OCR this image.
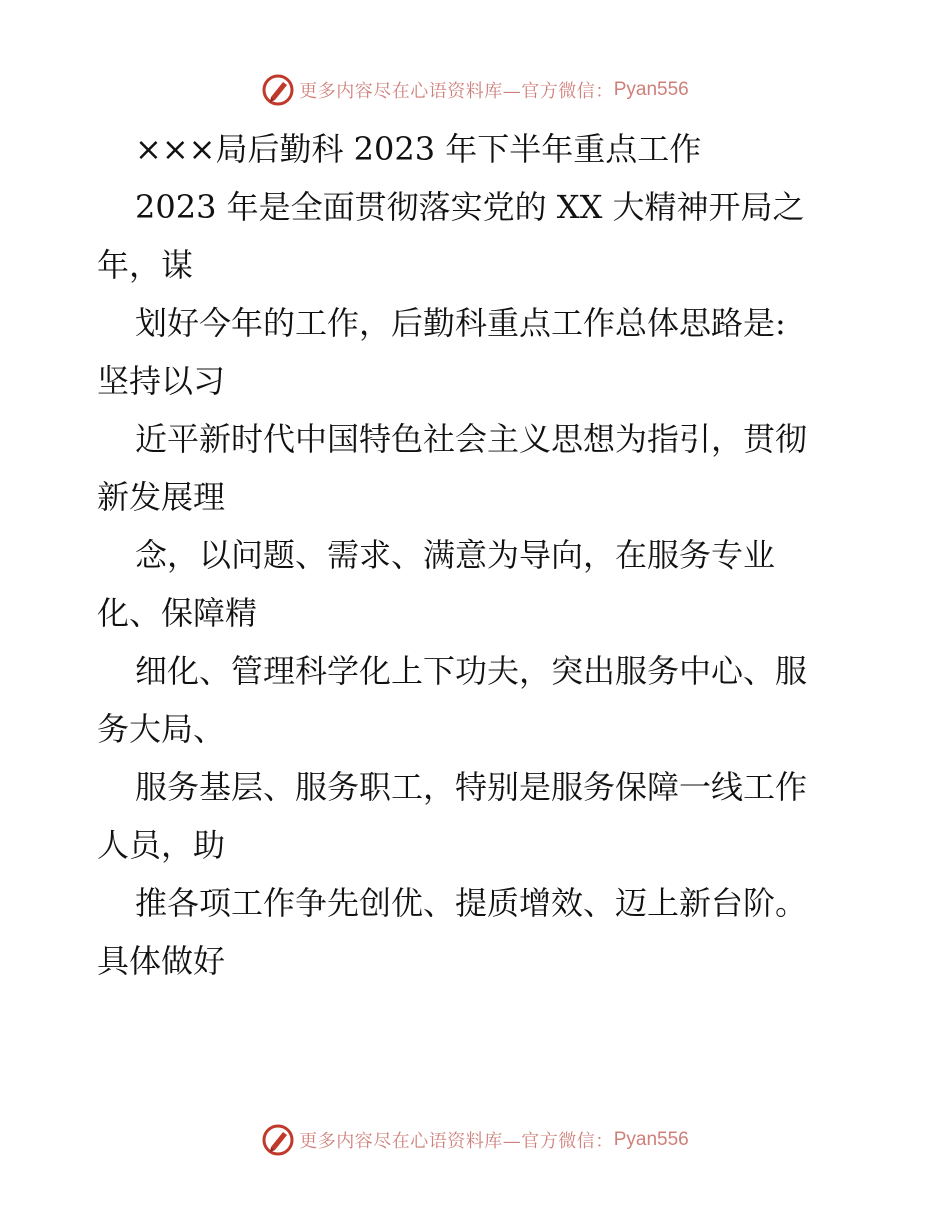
更多内容尽在心语资料库—官方微信： Pyan556
×××局后勤科 2023 年下半年重点工作
2023 年是全面贯彻落实党的 XX 大精神开局之
年，谋
划好今年的工作，后勤科重点工作总体思路是:
坚持以习
近平新时代中国特色社会主义思想为指引，贯彻
新发展理
念，以问题、需求、满意为导向，在服务专业
化、保障精
细化、管理科学化上下功夫，突出服务中心、服
务大局、
服务基层、服务职工，特别是服务保障一线工作
人员，助
推各项工作争先创优、提质增效、迈上新台阶。
具体做好
更多内容尽在心语资料库—官方微信： Pyan556
